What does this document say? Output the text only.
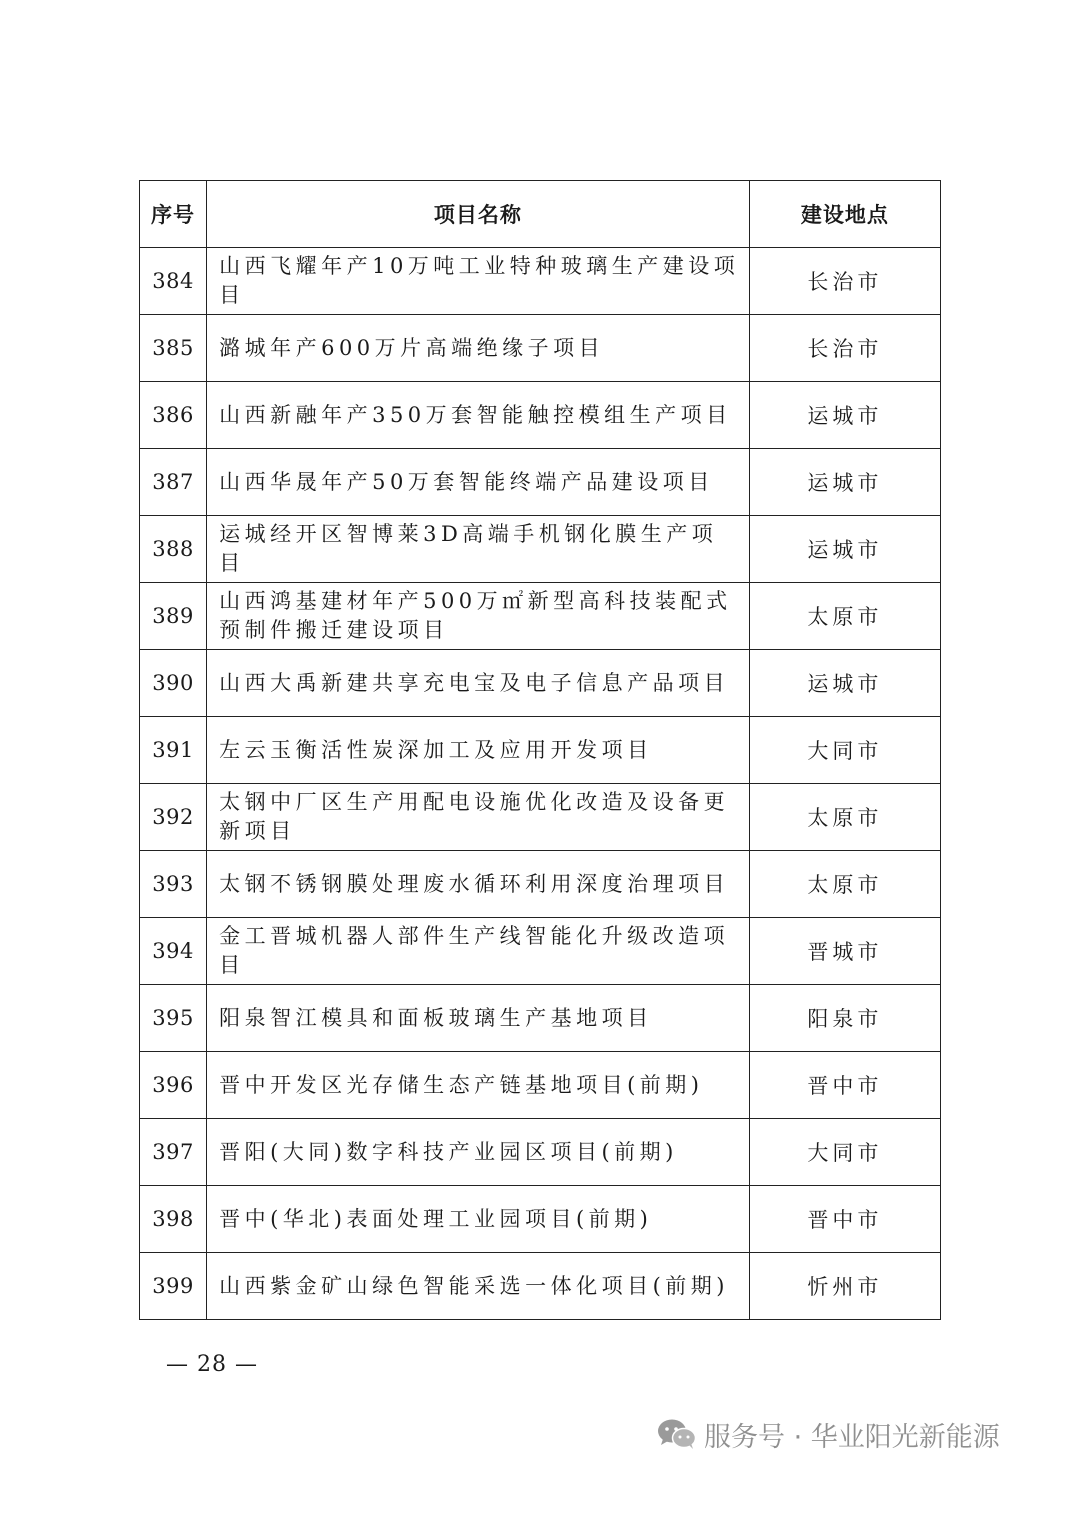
序号	项目名称	建设地点
384	山西飞耀年产10万吨工业特种玻璃生产建设项目	长治市
385	潞城年产600万片高端绝缘子项目	长治市
386	山西新融年产350万套智能触控模组生产项目	运城市
387	山西华晟年产50万套智能终端产品建设项目	运城市
388	运城经开区智博莱3D高端手机钢化膜生产项目	运城市
389	山西鸿基建材年产500万㎡新型高科技装配式预制件搬迁建设项目	太原市
390	山西大禹新建共享充电宝及电子信息产品项目	运城市
391	左云玉衡活性炭深加工及应用开发项目	大同市
392	太钢中厂区生产用配电设施优化改造及设备更新项目	太原市
393	太钢不锈钢膜处理废水循环利用深度治理项目	太原市
394	金工晋城机器人部件生产线智能化升级改造项目	晋城市
395	阳泉智江模具和面板玻璃生产基地项目	阳泉市
396	晋中开发区光存储生态产链基地项目(前期)	晋中市
397	晋阳(大同)数字科技产业园区项目(前期)	大同市
398	晋中(华北)表面处理工业园项目(前期)	晋中市
399	山西紫金矿山绿色智能采选一体化项目(前期)	忻州市
— 28 —
服务号 · 华业阳光新能源
